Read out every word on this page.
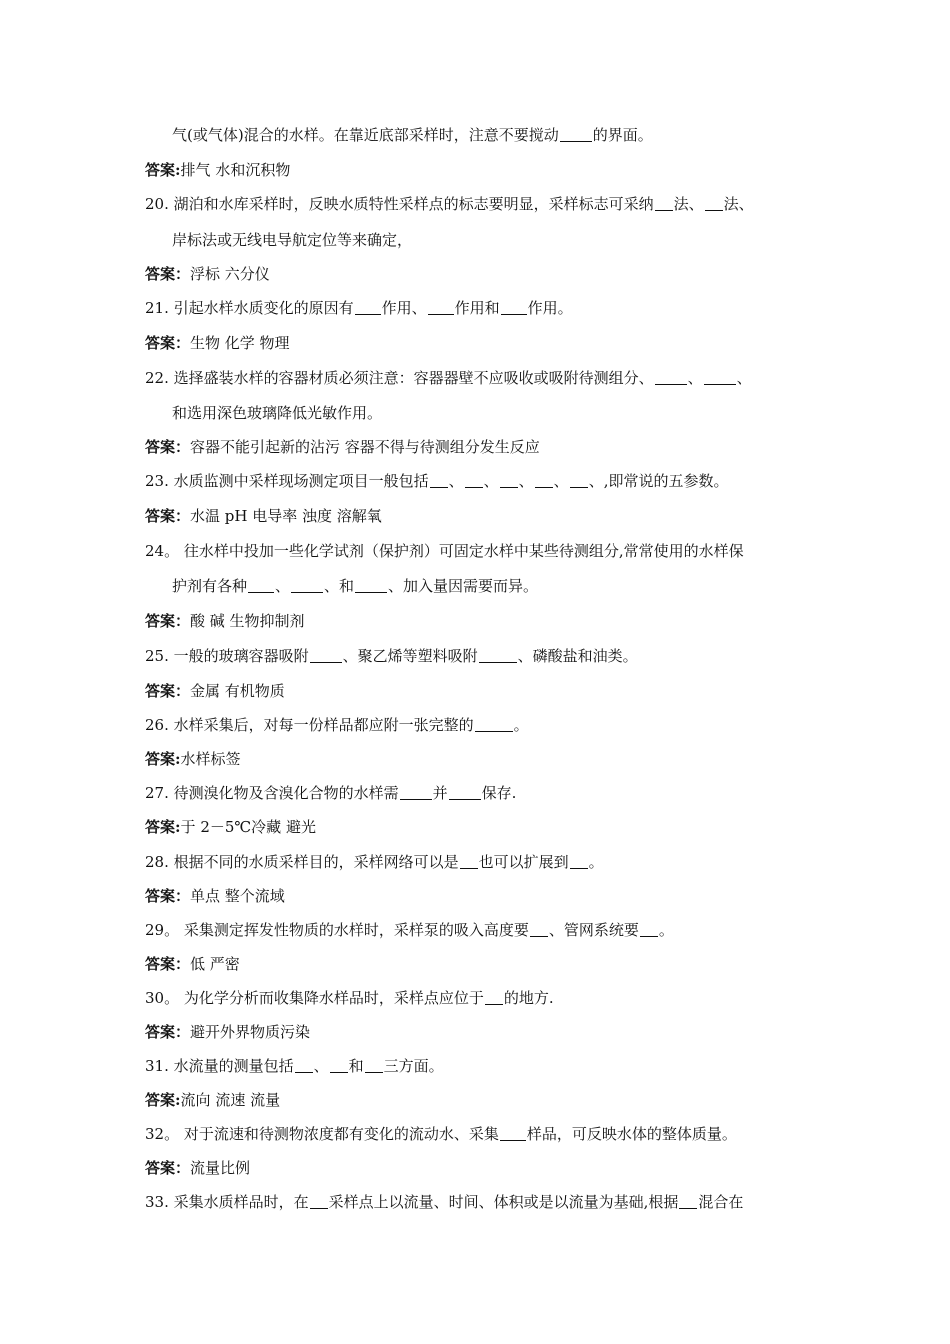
气(或气体)混合的水样。在靠近底部采样时，注意不要搅动 的界面。
答案:排气 水和沉积物
20. 湖泊和水库采样时，反映水质特性采样点的标志要明显，采样标志可采纳 法、 法、
岸标法或无线电导航定位等来确定，
答案：浮标 六分仪
21. 引起水样水质变化的原因有 作用、 作用和 作用。
答案：生物 化学 物理
22. 选择盛装水样的容器材质必须注意：容器器壁不应吸收或吸附待测组分、 、 、
和选用深色玻璃降低光敏作用。
答案：容器不能引起新的沾污 容器不得与待测组分发生反应
23. 水质监测中采样现场测定项目一般包括 、 、 、 、 、,即常说的五参数。
答案：水温 pH 电导率 浊度 溶解氧
24。 往水样中投加一些化学试剂（保护剂）可固定水样中某些待测组分,常常使用的水样保
护剂有各种 、 、和 、加入量因需要而异。
答案：酸 碱 生物抑制剂
25. 一般的玻璃容器吸附 、聚乙烯等塑料吸附	、磷酸盐和油类。
答案：金属 有机物质
26. 水样采集后，对每一份样品都应附一张完整的	。
答案:水样标签
27. 待测溴化物及含溴化合物的水样需 并 保存.
答案:于 2－5℃冷藏 避光
28. 根据不同的水质采样目的，采样网络可以是 也可以扩展到 。
答案：单点 整个流域
29。 采集测定挥发性物质的水样时，采样泵的吸入高度要 、管网系统要 。
答案：低 严密
30。 为化学分析而收集降水样品时，采样点应位于 的地方.
答案：避开外界物质污染
31. 水流量的测量包括 、 和 三方面。
答案:流向 流速 流量
32。 对于流速和待测物浓度都有变化的流动水、采集 样品，可反映水体的整体质量。
答案：流量比例
33. 采集水质样品时，在 采样点上以流量、时间、体积或是以流量为基础,根据 混合在
